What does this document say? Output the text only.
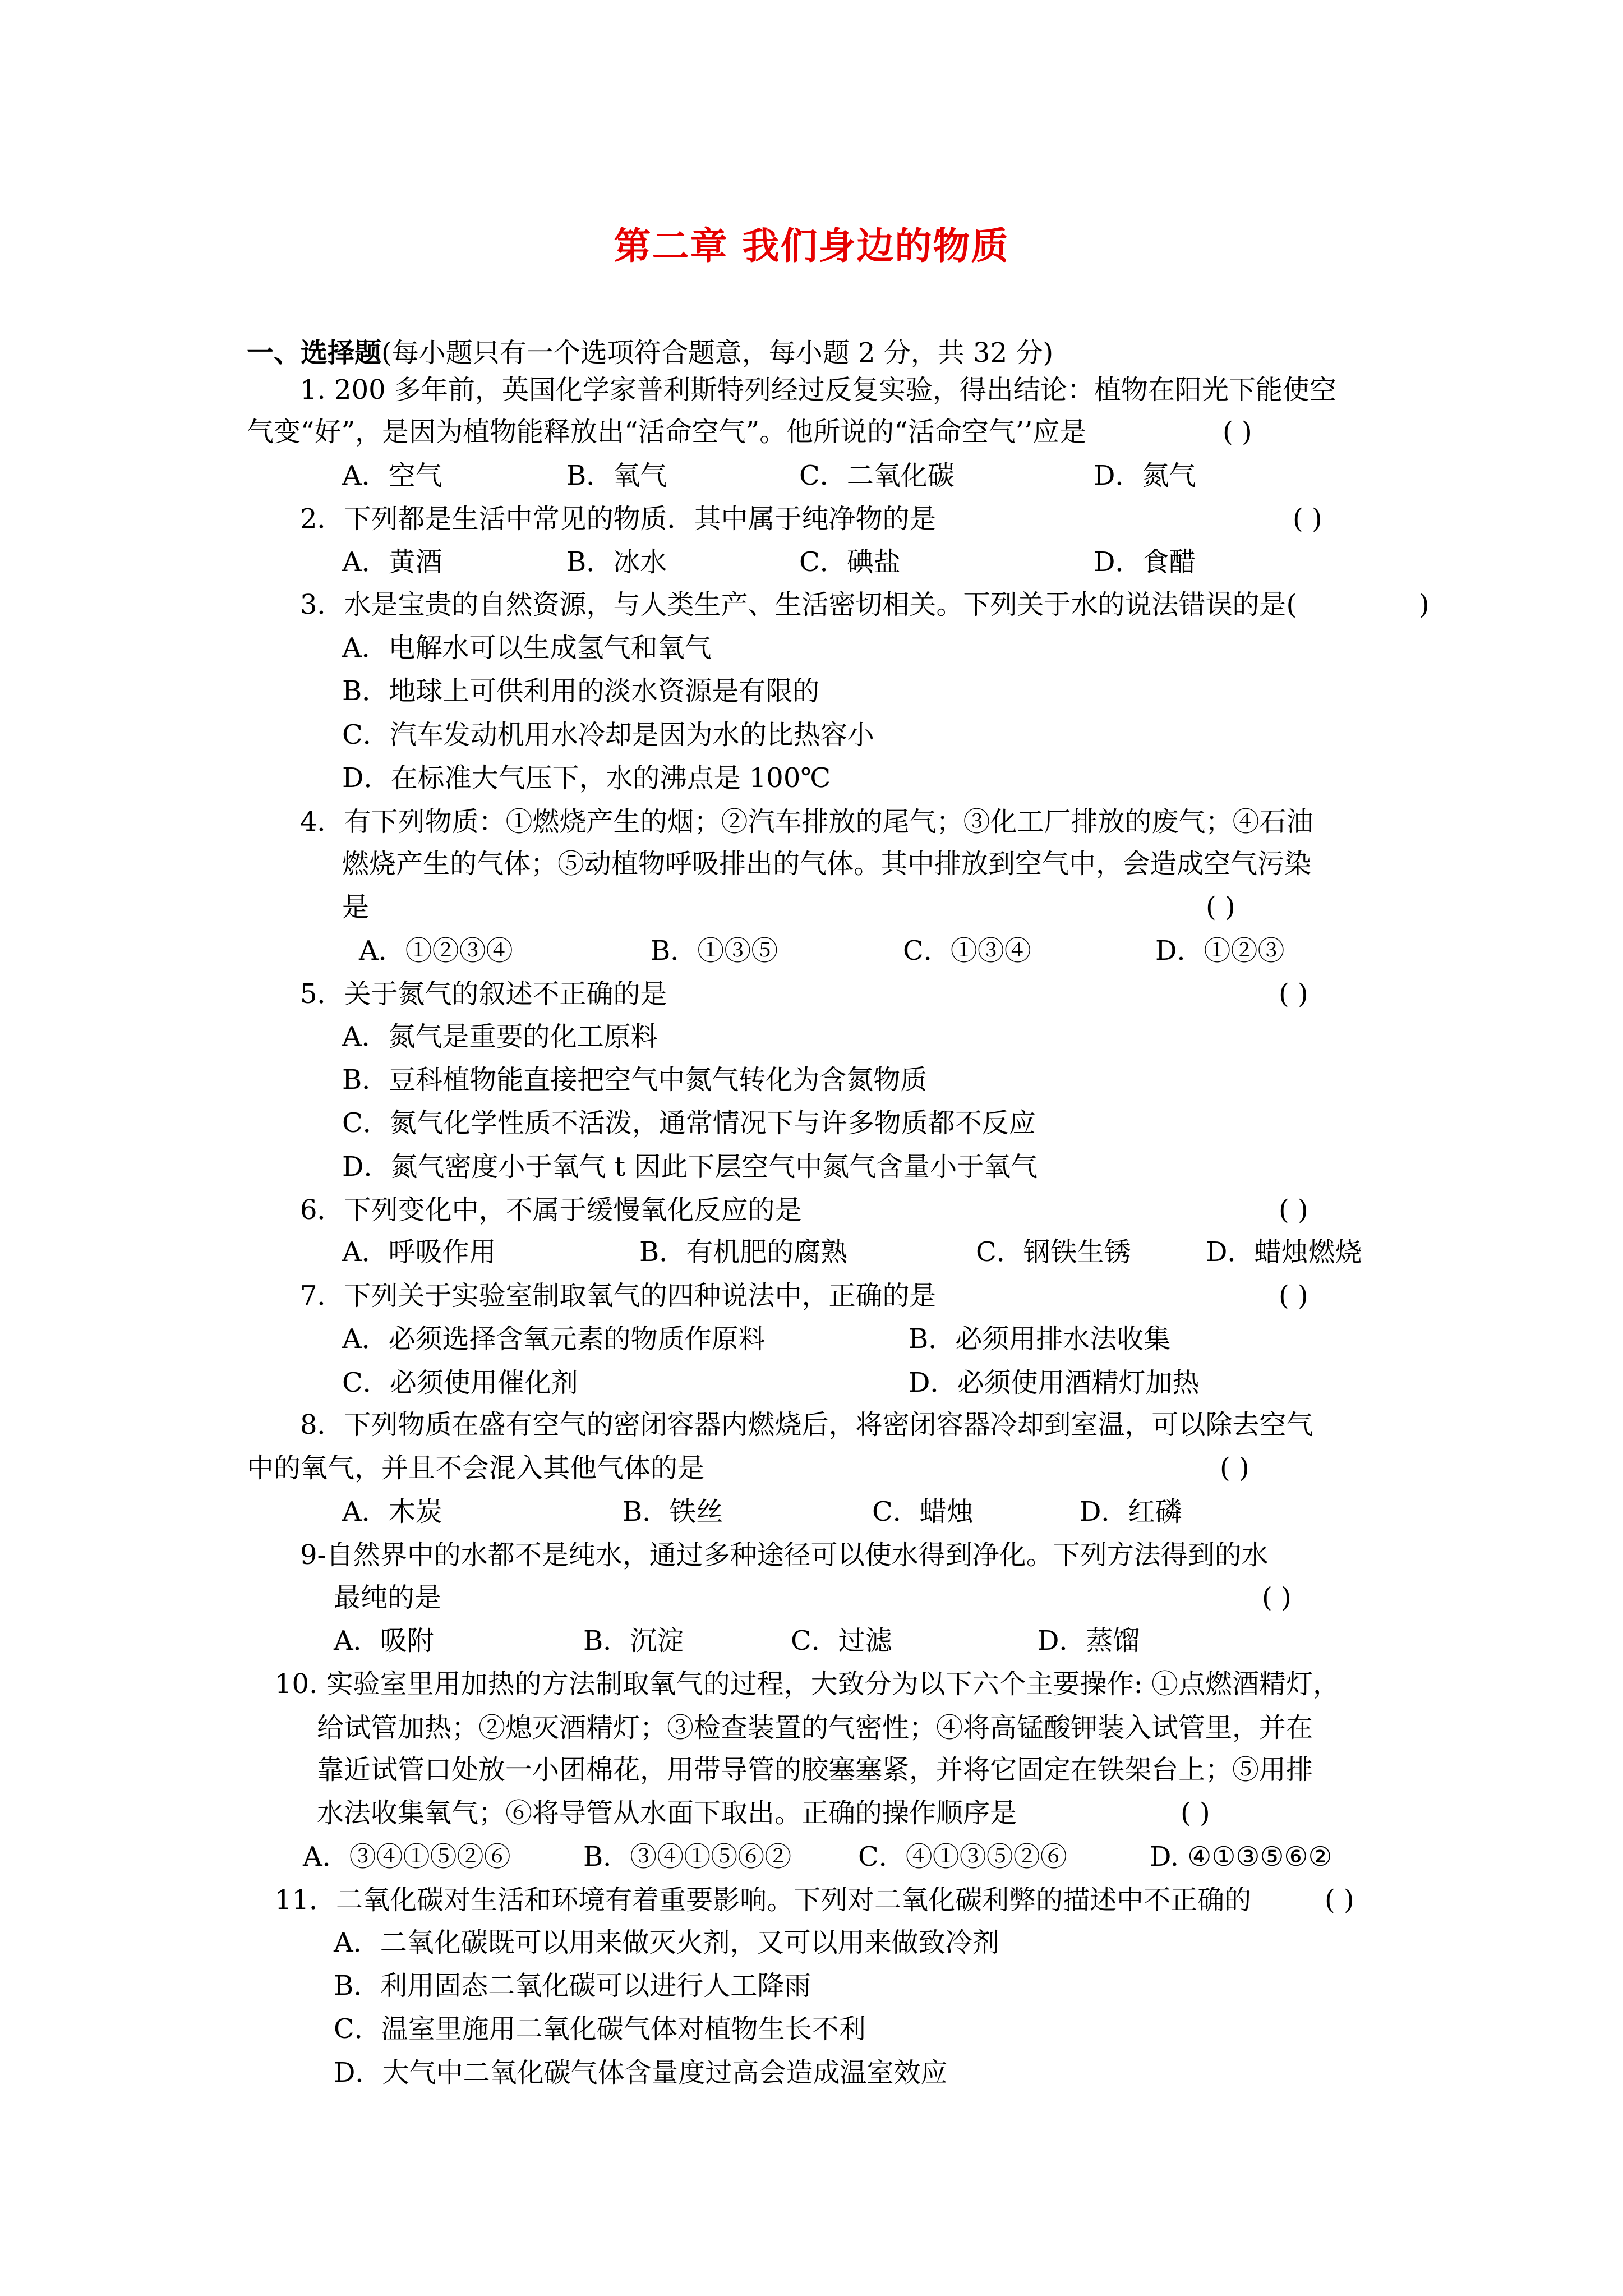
第二章 我们身边的物质
一、选择题(每小题只有一个选项符合题意，每小题 2 分，共 32 分)
1. 200 多年前，英国化学家普利斯特列经过反复实验，得出结论：植物在阳光下能使空
气变“好”，是因为植物能释放出“活命空气”。他所说的“活命空气’’应是	( )
A．空气	B．氧气	C．二氧化碳	D．氮气
2．下列都是生活中常见的物质．其中属于纯净物的是	( )
A．黄酒	B．冰水	C．碘盐	D．食醋
3．水是宝贵的自然资源，与人类生产、生活密切相关。下列关于水的说法错误的是(	)
A．电解水可以生成氢气和氧气
B．地球上可供利用的淡水资源是有限的
C．汽车发动机用水冷却是因为水的比热容小
D．在标准大气压下，水的沸点是 100℃
4．有下列物质：①燃烧产生的烟；②汽车排放的尾气；③化工厂排放的废气；④石油
燃烧产生的气体；⑤动植物呼吸排出的气体。其中排放到空气中，会造成空气污染
是	( )
A．①②③④	B．①③⑤	C．①③④	D．①②③
5．关于氮气的叙述不正确的是	( )
A．氮气是重要的化工原料
B．豆科植物能直接把空气中氮气转化为含氮物质
C．氮气化学性质不活泼，通常情况下与许多物质都不反应
D．氮气密度小于氧气 t 因此下层空气中氮气含量小于氧气
6．下列变化中，不属于缓慢氧化反应的是	( )
A．呼吸作用	B．有机肥的腐熟	C．钢铁生锈	D．蜡烛燃烧
7．下列关于实验室制取氧气的四种说法中，正确的是	( )
A．必须选择含氧元素的物质作原料	B．必须用排水法收集
C．必须使用催化剂	D．必须使用酒精灯加热
8．下列物质在盛有空气的密闭容器内燃烧后，将密闭容器冷却到室温，可以除去空气
中的氧气，并且不会混入其他气体的是	( )
A．木炭	B．铁丝	C．蜡烛	D．红磷
9-自然界中的水都不是纯水，通过多种途径可以使水得到净化。下列方法得到的水
最纯的是	( )
A．吸附	B．沉淀	C．过滤	D．蒸馏
10. 实验室里用加热的方法制取氧气的过程，大致分为以下六个主要操作: ①点燃酒精灯，
给试管加热；②熄灭酒精灯；③检查装置的气密性；④将高锰酸钾装入试管里，并在
靠近试管口处放一小团棉花，用带导管的胶塞塞紧，并将它固定在铁架台上；⑤用排
水法收集氧气；⑥将导管从水面下取出。正确的操作顺序是	( )
A．③④①⑤②⑥	B．③④①⑤⑥② C．④①③⑤②⑥	D. ④①③⑤⑥②
11．二氧化碳对生活和环境有着重要影响。下列对二氧化碳利弊的描述中不正确的	( )
A．二氧化碳既可以用来做灭火剂，又可以用来做致冷剂
B．利用固态二氧化碳可以进行人工降雨
C．温室里施用二氧化碳气体对植物生长不利
D．大气中二氧化碳气体含量度过高会造成温室效应
